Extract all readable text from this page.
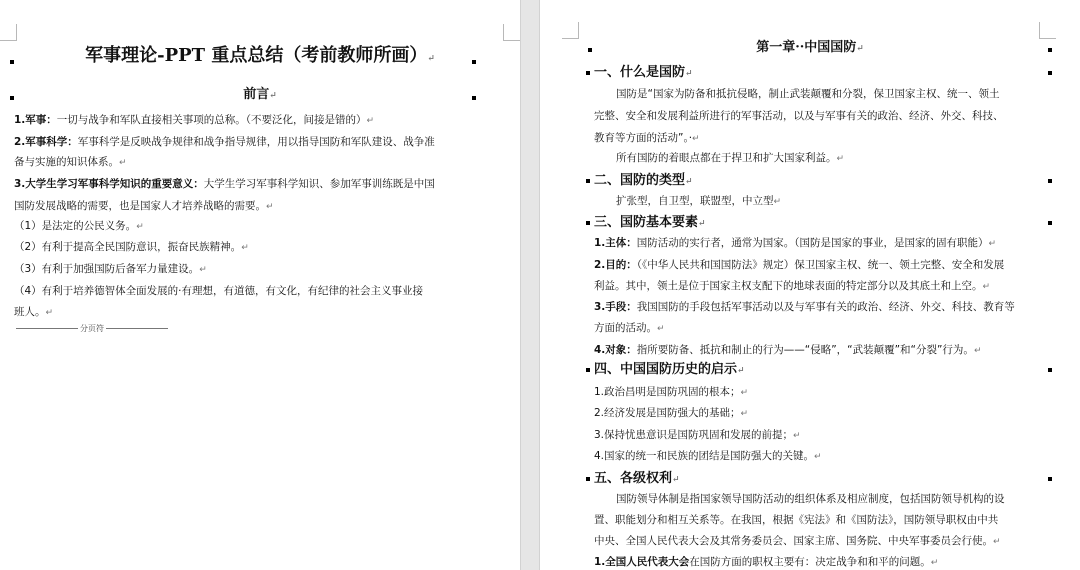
军事理论-PPT 重点总结（考前教师所画）↵
前言↵
1.军事：一切与战争和军队直接相关事项的总称。（不要泛化，间接是错的）↵
2.军事科学：军事科学是反映战争规律和战争指导规律，用以指导国防和军队建设、战争准
备与实施的知识体系。↵
3.大学生学习军事科学知识的重要意义：大学生学习军事科学知识、参加军事训练既是中国
国防发展战略的需要，也是国家人才培养战略的需要。↵
（1）是法定的公民义务。↵
（2）有利于提高全民国防意识，振奋民族精神。↵
（3）有利于加强国防后备军力量建设。↵
（4）有利于培养德智体全面发展的·有理想，有道德，有文化，有纪律的社会主义事业接
班人。↵
分页符
第一章··中国国防↵
一、什么是国防↵
国防是“国家为防备和抵抗侵略，制止武装颠覆和分裂，保卫国家主权、统一、领土
完整、安全和发展利益所进行的军事活动，以及与军事有关的政治、经济、外交、科技、
教育等方面的活动”。·↵
所有国防的着眼点都在于捍卫和扩大国家利益。↵
二、国防的类型↵
扩张型，自卫型，联盟型，中立型↵
三、国防基本要素↵
1.主体：国防活动的实行者，通常为国家。（国防是国家的事业，是国家的固有职能）↵
2.目的：（《中华人民共和国国防法》规定）保卫国家主权、统一、领土完整、安全和发展
利益。其中，领土是位于国家主权支配下的地球表面的特定部分以及其底土和上空。↵
3.手段：我国国防的手段包括军事活动以及与军事有关的政治、经济、外交、科技、教育等
方面的活动。↵
4.对象：指所要防备、抵抗和制止的行为——“侵略”，“武装颠覆”和“分裂”行为。↵
四、中国国防历史的启示↵
1.政治昌明是国防巩固的根本；↵
2.经济发展是国防强大的基础；↵
3.保持忧患意识是国防巩固和发展的前提；↵
4.国家的统一和民族的团结是国防强大的关键。↵
五、各级权利↵
国防领导体制是指国家领导国防活动的组织体系及相应制度，包括国防领导机构的设
置、职能划分和相互关系等。在我国，根据《宪法》和《国防法》，国防领导职权由中共
中央、全国人民代表大会及其常务委员会、国家主席、国务院、中央军事委员会行使。↵
1.全国人民代表大会在国防方面的职权主要有：决定战争和和平的问题。↵
